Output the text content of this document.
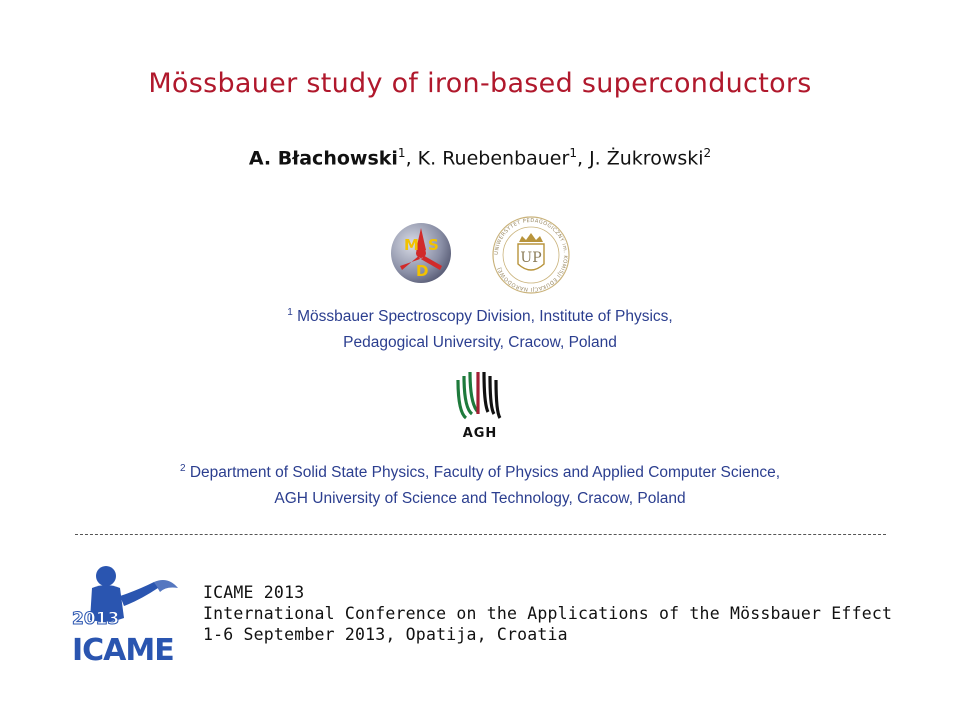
Mössbauer study of iron-based superconductors
A. Błachowski$^1$, K. Ruebenbauer$^1$, J. Żukrowski$^2$
M S
D
UNIWERSYTET PEDAGOGICZNY im. KOMISJI EDUKACJI NARODOWEJ
UP
$^1$ Mössbauer Spectroscopy Division, Institute of Physics,
Pedagogical University, Cracow, Poland
AGH
$^2$ Department of Solid State Physics, Faculty of Physics and Applied Computer Science,
AGH University of Science and Technology, Cracow, Poland
2013
ICAME
ICAME 2013
International Conference on the Applications of the Mössbauer Effect
1-6 September 2013, Opatija, Croatia
